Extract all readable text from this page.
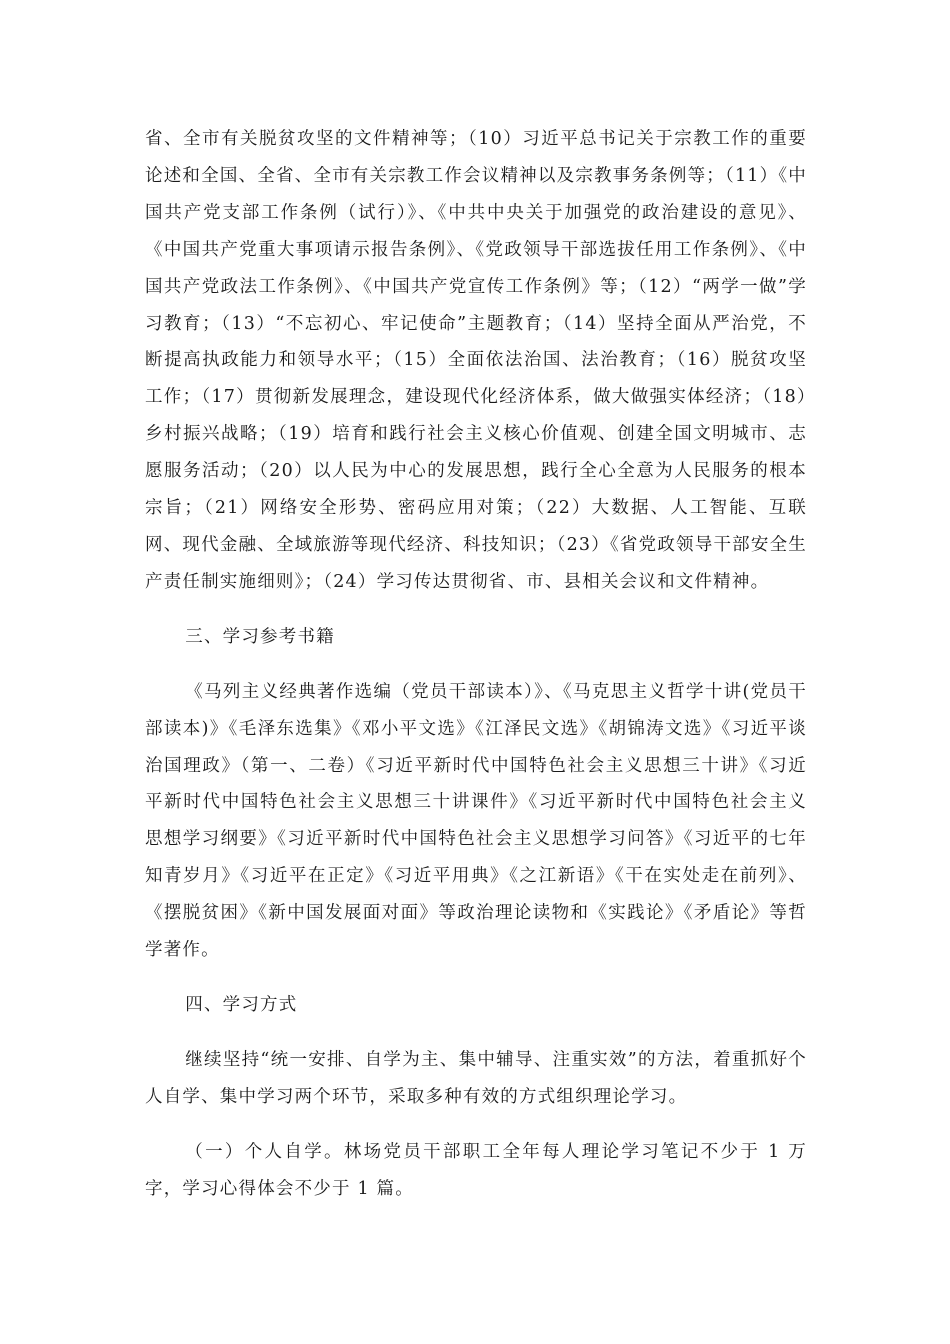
省、全市有关脱贫攻坚的文件精神等；（10）习近平总书记关于宗教工作的重要论述和全国、全省、全市有关宗教工作会议精神以及宗教事务条例等；（11）《中国共产党支部工作条例（试行）》、《中共中央关于加强党的政治建设的意见》、《中国共产党重大事项请示报告条例》、《党政领导干部选拔任用工作条例》、《中国共产党政法工作条例》、《中国共产党宣传工作条例》等；（12）“两学一做”学习教育；（13）“不忘初心、牢记使命”主题教育；（14）坚持全面从严治党，不断提高执政能力和领导水平；（15）全面依法治国、法治教育；（16）脱贫攻坚工作；（17）贯彻新发展理念，建设现代化经济体系，做大做强实体经济；（18）乡村振兴战略；（19）培育和践行社会主义核心价值观、创建全国文明城市、志愿服务活动；（20）以人民为中心的发展思想，践行全心全意为人民服务的根本宗旨；（21）网络安全形势、密码应用对策；（22）大数据、人工智能、互联网、现代金融、全域旅游等现代经济、科技知识；（23）《省党政领导干部安全生产责任制实施细则》；（24）学习传达贯彻省、市、县相关会议和文件精神。

三、学习参考书籍

《马列主义经典著作选编（党员干部读本）》、《马克思主义哲学十讲(党员干部读本)》《毛泽东选集》《邓小平文选》《江泽民文选》《胡锦涛文选》《习近平谈治国理政》（第一、二卷）《习近平新时代中国特色社会主义思想三十讲》《习近平新时代中国特色社会主义思想三十讲课件》《习近平新时代中国特色社会主义思想学习纲要》《习近平新时代中国特色社会主义思想学习问答》《习近平的七年知青岁月》《习近平在正定》《习近平用典》《之江新语》《干在实处走在前列》、《摆脱贫困》《新中国发展面对面》等政治理论读物和《实践论》《矛盾论》等哲学著作。

四、学习方式

继续坚持“统一安排、自学为主、集中辅导、注重实效”的方法，着重抓好个人自学、集中学习两个环节，采取多种有效的方式组织理论学习。

（一）个人自学。林场党员干部职工全年每人理论学习笔记不少于 1 万字，学习心得体会不少于 1 篇。
